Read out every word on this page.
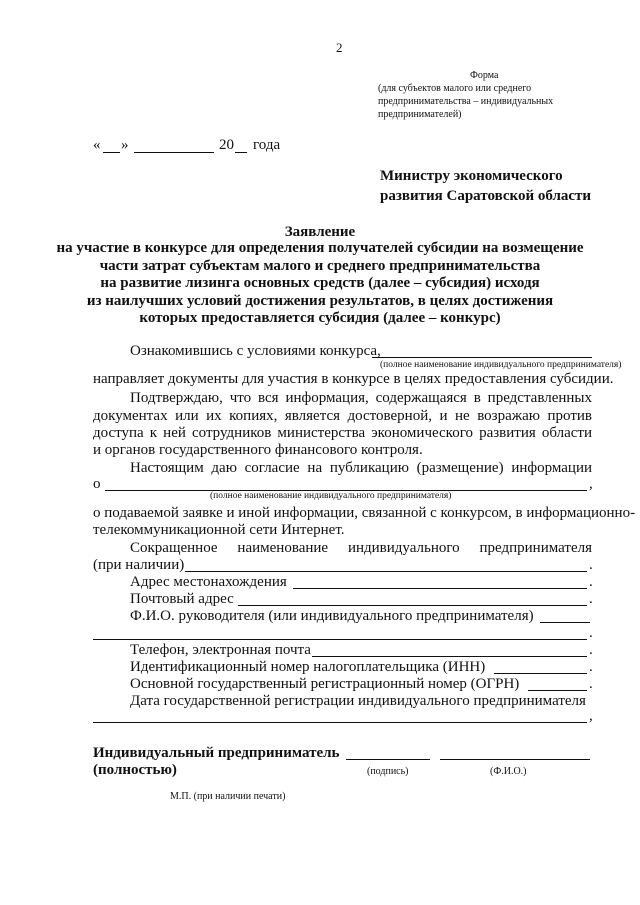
2
Форма
(для субъектов малого или среднего
предпринимательства – индивидуальных
предпринимателей)
« »	20 года
Министру экономического
развития Саратовской области
Заявление
на участие в конкурсе для определения получателей субсидии на возмещение
части затрат субъектам малого и среднего предпринимательства
на развитие лизинга основных средств (далее – субсидия) исходя
из наилучших условий достижения результатов, в целях достижения
которых предоставляется субсидия (далее – конкурс)
Ознакомившись с условиями конкурса,
(полное наименование индивидуального предпринимателя)
направляет документы для участия в конкурсе в целях предоставления субсидии.
Подтверждаю, что вся информация, содержащаяся в представленных
документах или их копиях, является достоверной, и не возражаю против
доступа к ней сотрудников министерства экономического развития области
и органов государственного финансового контроля.
Настоящим даю согласие на публикацию (размещение) информации
о	,
(полное наименование индивидуального предпринимателя)
о подаваемой заявке и иной информации, связанной с конкурсом, в информационно-
телекоммуникационной сети Интернет.
Сокращенное наименование индивидуального предпринимателя
(при наличии)	.
Адрес местонахождения	.
Почтовый адрес	.
Ф.И.О. руководителя (или индивидуального предпринимателя)
.
Телефон, электронная почта	.
Идентификационный номер налогоплательщика (ИНН)	.
Основной государственный регистрационный номер (ОГРН)	.
Дата государственной регистрации индивидуального предпринимателя
,
Индивидуальный предприниматель
(полностью)	(подпись)	(Ф.И.О.)
М.П. (при наличии печати)
